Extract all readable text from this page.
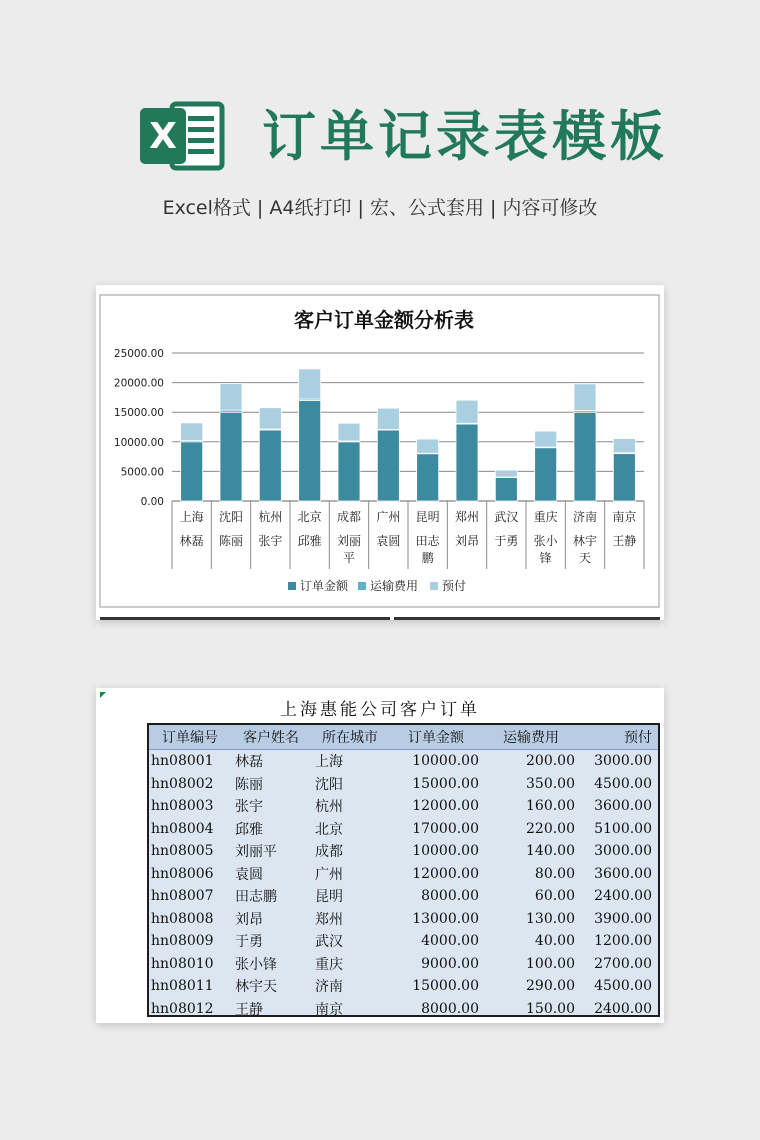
X 订单记录表模板
Excel格式 | A4纸打印 | 宏、公式套用 | 内容可修改
客户订单金额分析表
0.00
5000.00
10000.00
15000.00
20000.00
25000.00
上海
林磊
沈阳
陈丽
杭州
张宇
北京
邱雅
成都
刘丽平
广州
袁圆
昆明
田志鹏
郑州
刘昂
武汉
于勇
重庆
张小锋
济南
林宇天
南京
王静
订单金额 运输费用 预付
上海惠能公司客户订单
订单编号	客户姓名	所在城市	订单金额	运输费用	预付
hn08001	林磊	上海	10000.00	200.00	3000.00
hn08002	陈丽	沈阳	15000.00	350.00	4500.00
hn08003	张宇	杭州	12000.00	160.00	3600.00
hn08004	邱雅	北京	17000.00	220.00	5100.00
hn08005	刘丽平	成都	10000.00	140.00	3000.00
hn08006	袁圆	广州	12000.00	80.00	3600.00
hn08007	田志鹏	昆明	8000.00	60.00	2400.00
hn08008	刘昂	郑州	13000.00	130.00	3900.00
hn08009	于勇	武汉	4000.00	40.00	1200.00
hn08010	张小锋	重庆	9000.00	100.00	2700.00
hn08011	林宇天	济南	15000.00	290.00	4500.00
hn08012	王静	南京	8000.00	150.00	2400.00
